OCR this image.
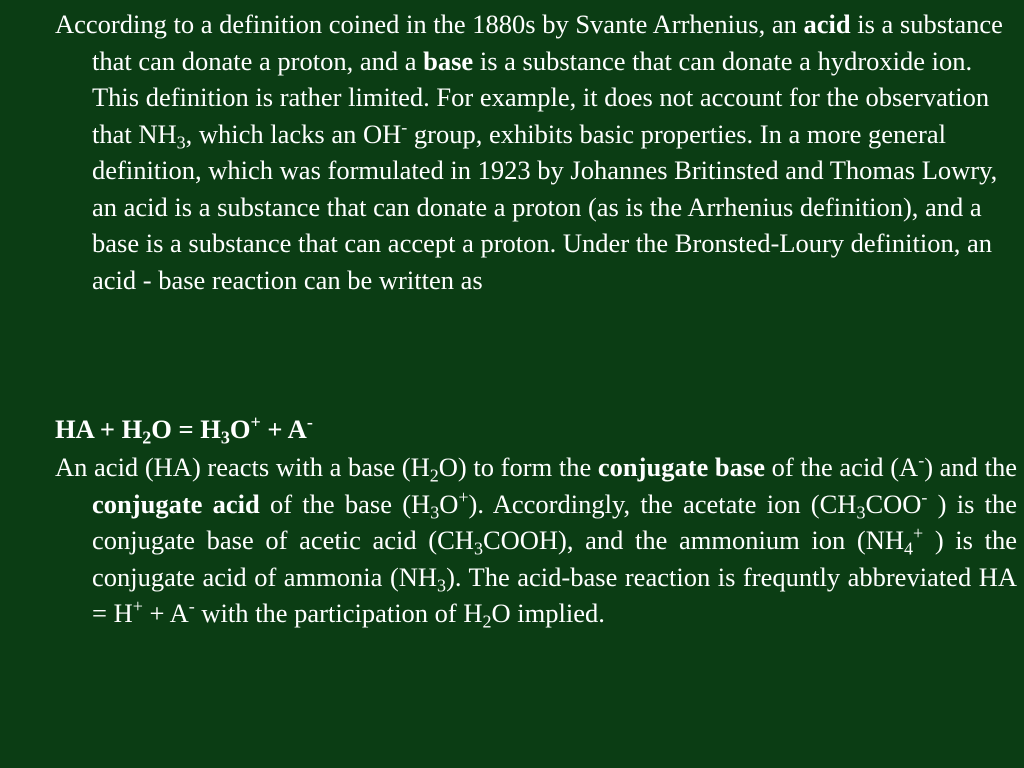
According to a definition coined in the 1880s by Svante Arrhenius, an acid is a substance that can donate a proton, and a base is a substance that can donate a hydroxide ion. This definition is rather limited. For example, it does not account for the observation that $NH_3$, which lacks an OH- group, exhibits basic properties. In a more general definition, which was formulated in 1923 by Johannes Britinsted and Thomas Lowry, an acid is a substance that can donate a proton (as is the Arrhenius definition), and a base is a substance that can accept a proton. Under the Bronsted-Loury definition, an acid - base reaction can be written as

HA + $H_2O = H_3O^+ + A^-$

An acid (HA) reacts with a base $(H_2O)$ to form the conjugate base of the acid (A-) and the conjugate acid of the base $(H_3O^+)$. Accordingly, the acetate ion ($CH_3COO^-$ ) is the conjugate base of acetic acid $(CH_3COOH)$, and the ammonium ion ($NH_4^+$ ) is the conjugate acid of ammonia $(NH_3)$. The acid-base reaction is frequntly abbreviated HA = H+ + A- with the participation of $H_2O$ implied.
